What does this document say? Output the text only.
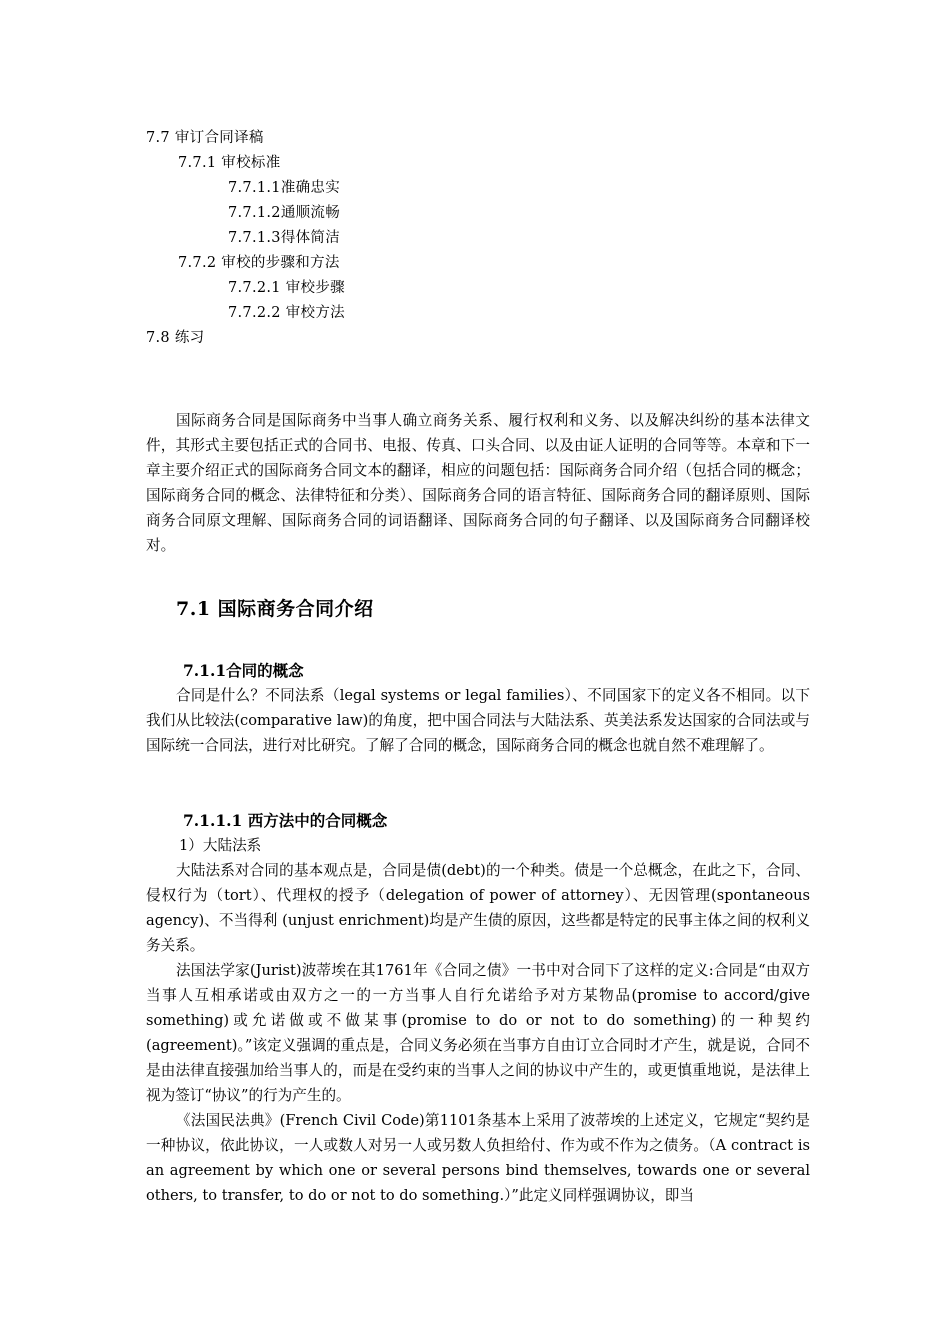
7.7 审订合同译稿
7.7.1 审校标准
7.7.1.1准确忠实
7.7.1.2通顺流畅
7.7.1.3得体简洁
7.7.2 审校的步骤和方法
7.7.2.1 审校步骤
7.7.2.2 审校方法
7.8 练习

国际商务合同是国际商务中当事人确立商务关系、履行权利和义务、以及解决纠纷的基本法律文件，其形式主要包括正式的合同书、电报、传真、口头合同、以及由证人证明的合同等等。本章和下一章主要介绍正式的国际商务合同文本的翻译，相应的问题包括：国际商务合同介绍（包括合同的概念；国际商务合同的概念、法律特征和分类）、国际商务合同的语言特征、国际商务合同的翻译原则、国际商务合同原文理解、国际商务合同的词语翻译、国际商务合同的句子翻译、以及国际商务合同翻译校对。

7.1 国际商务合同介绍
7.1.1合同的概念

合同是什么？不同法系（legal systems or legal families）、不同国家下的定义各不相同。以下我们从比较法(comparative law)的角度，把中国合同法与大陆法系、英美法系发达国家的合同法或与国际统一合同法，进行对比研究。了解了合同的概念，国际商务合同的概念也就自然不难理解了。

7.1.1.1 西方法中的合同概念
1）大陆法系

大陆法系对合同的基本观点是，合同是债(debt)的一个种类。债是一个总概念，在此之下，合同、侵权行为（tort）、代理权的授予（delegation of power of attorney）、无因管理(spontaneous agency)、不当得利 (unjust enrichment)均是产生债的原因，这些都是特定的民事主体之间的权利义务关系。

法国法学家(Jurist)波蒂埃在其1761年《合同之债》一书中对合同下了这样的定义:合同是“由双方当事人互相承诺或由双方之一的一方当事人自行允诺给予对方某物品(promise to accord/give something)或允诺做或不做某事(promise to do or not to do something)的一种契约(agreement)。”该定义强调的重点是，合同义务必须在当事方自由订立合同时才产生，就是说，合同不是由法律直接强加给当事人的，而是在受约束的当事人之间的协议中产生的，或更慎重地说，是法律上视为签订“协议”的行为产生的。

《法国民法典》(French Civil Code)第1101条基本上采用了波蒂埃的上述定义，它规定“契约是一种协议，依此协议，一人或数人对另一人或另数人负担给付、作为或不作为之债务。（A contract is an agreement by which one or several persons bind themselves, towards one or several others, to transfer, to do or not to do something.）”此定义同样强调协议，即当
